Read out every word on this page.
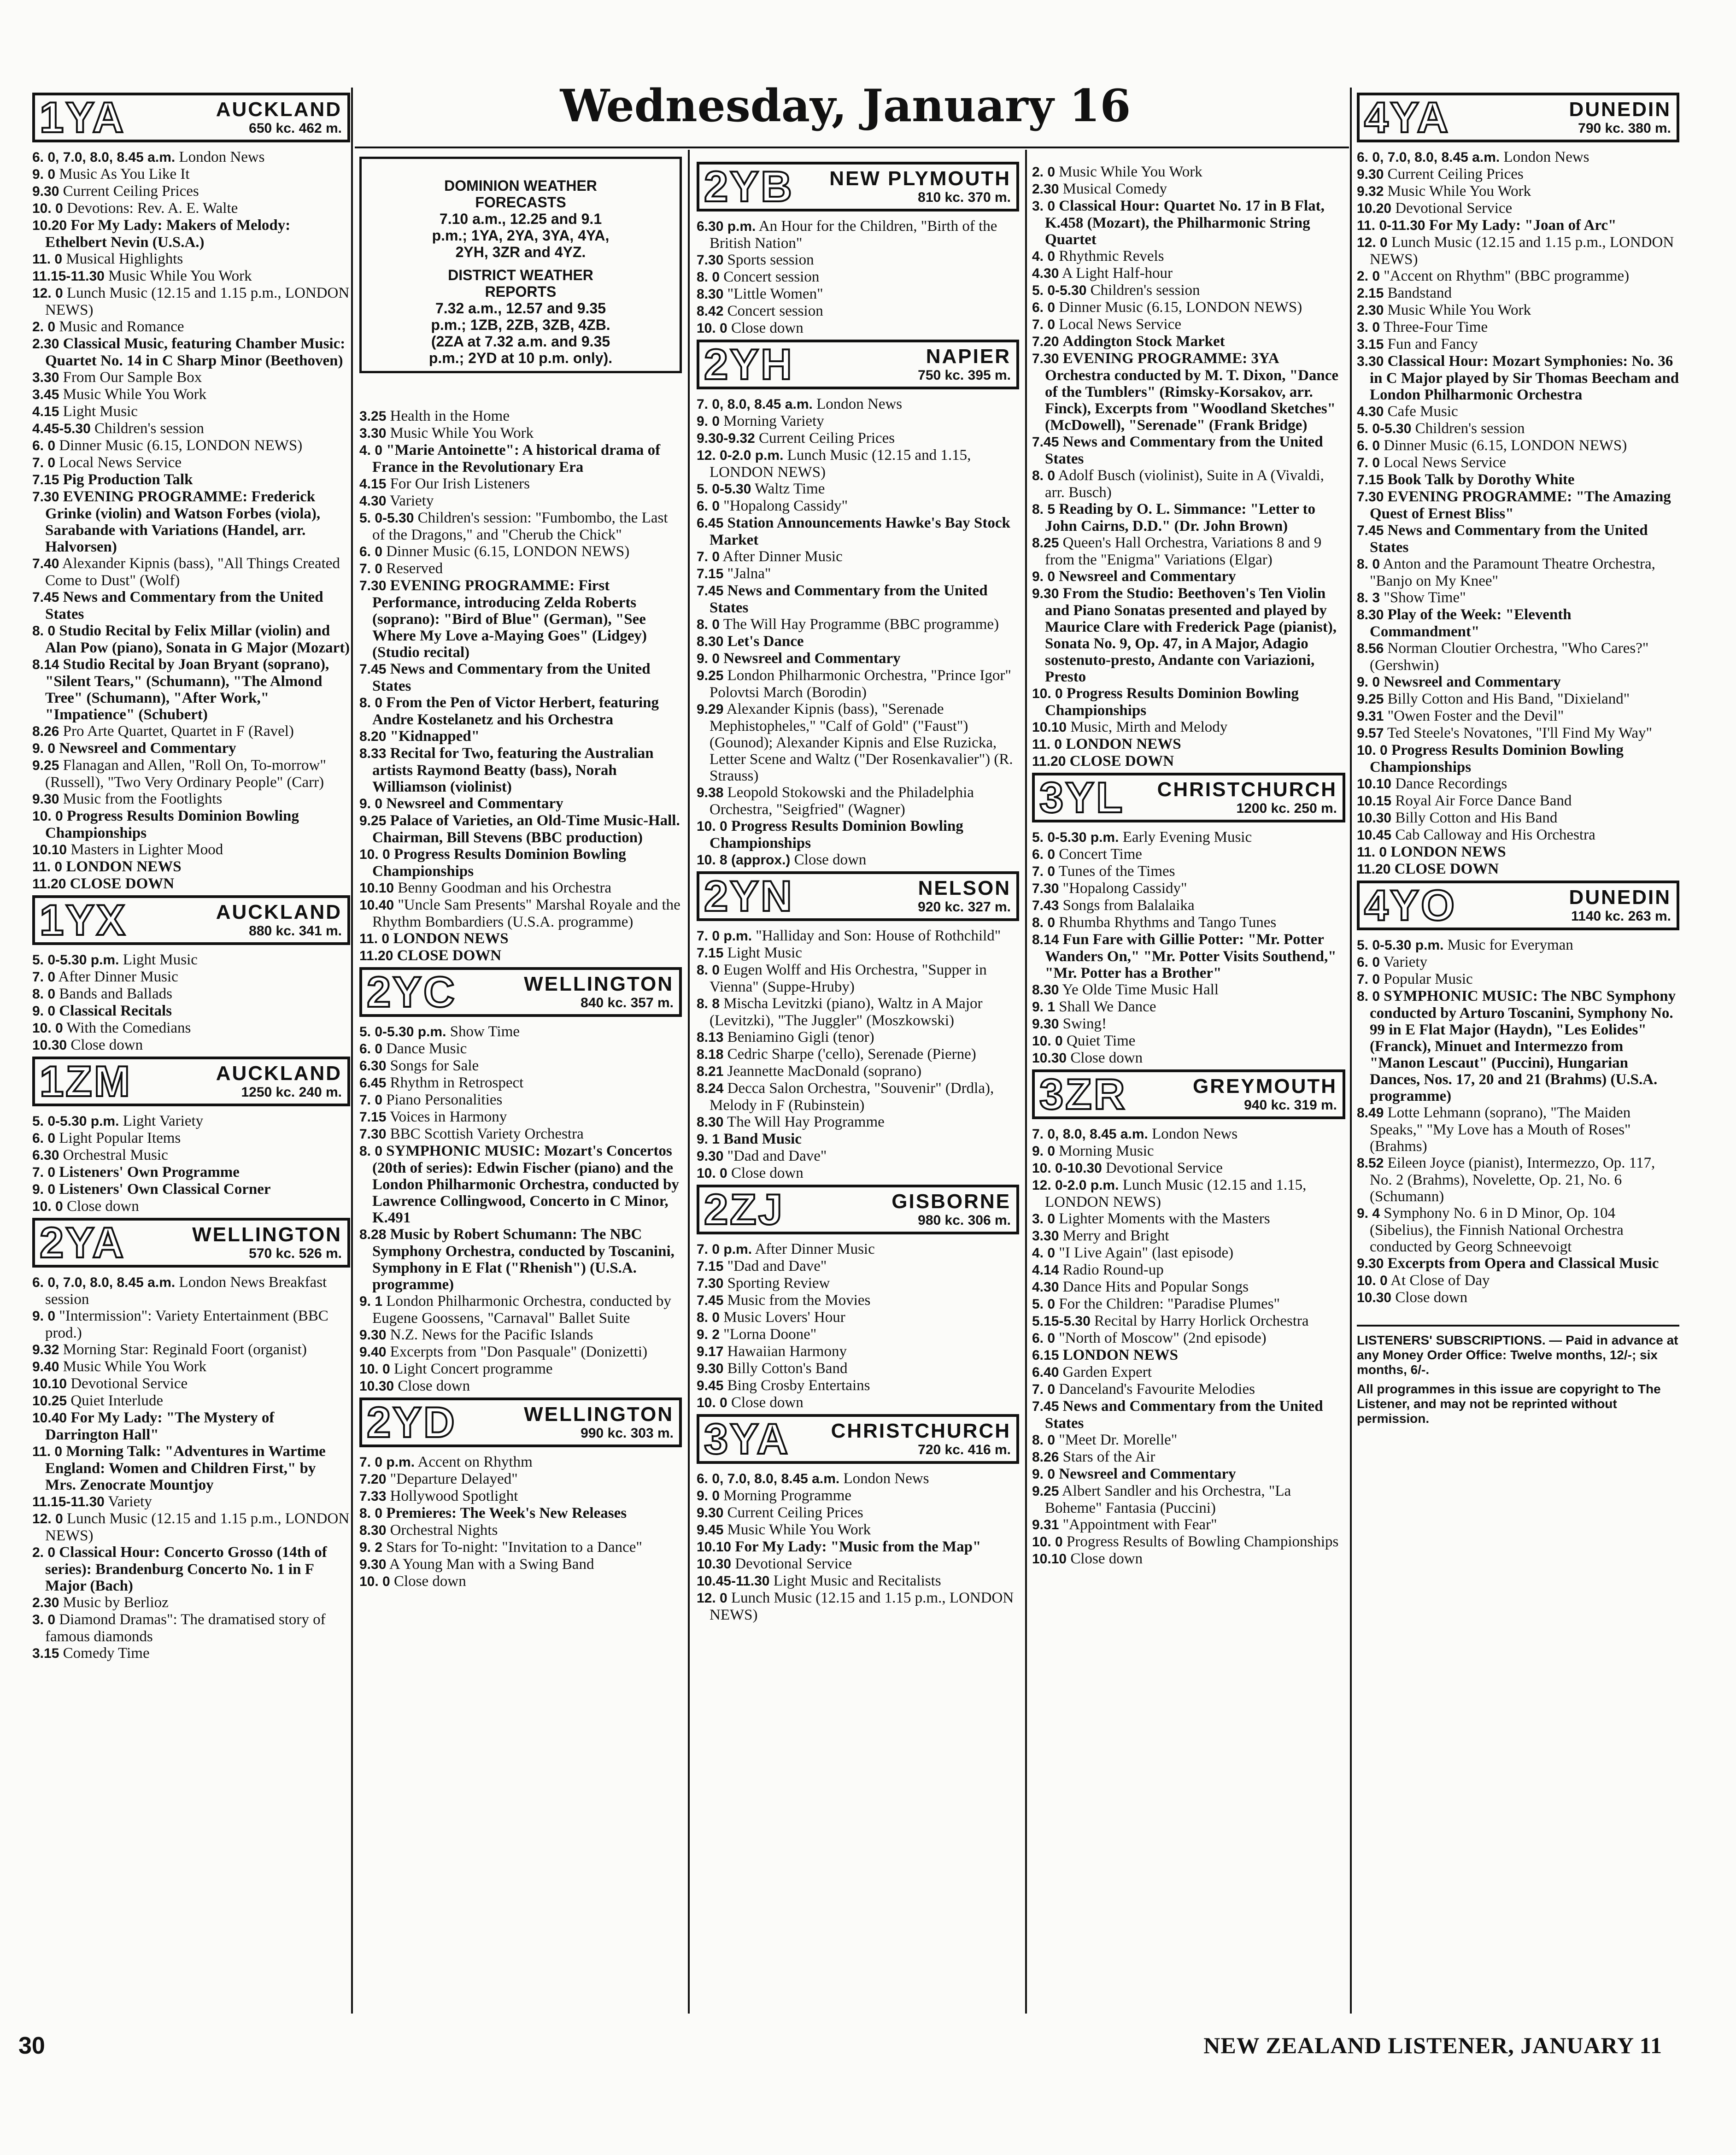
Wednesday, January 16

DOMINION WEATHER

FORECASTS

7.10 a.m., 12.25 and 9.1

p.m.; 1YA, 2YA, 3YA, 4YA,

2YH, 3ZR and 4YZ.

DISTRICT WEATHER

REPORTS

7.32 a.m., 12.57 and 9.35

p.m.; 1ZB, 2ZB, 3ZB, 4ZB.

(2ZA at 7.32 a.m. and 9.35

p.m.; 2YD at 10 p.m. only).

1YA	AUCKLAND
650 kc. 462 m.

6. 0, 7.0, 8.0, 8.45 a.m. London News

9. 0 Music As You Like It

9.30 Current Ceiling Prices

10. 0 Devotions: Rev. A. E. Walte

10.20 For My Lady: Makers of Melody: Ethelbert Nevin (U.S.A.)

11. 0 Musical Highlights

11.15-11.30 Music While You Work

12. 0 Lunch Music (12.15 and 1.15 p.m., LONDON NEWS)

2. 0 Music and Romance

2.30 Classical Music, featuring Chamber Music: Quartet No. 14 in C Sharp Minor (Beethoven)

3.30 From Our Sample Box

3.45 Music While You Work

4.15 Light Music

4.45-5.30 Children's session

6. 0 Dinner Music (6.15, LONDON NEWS)

7. 0 Local News Service

7.15 Pig Production Talk

7.30 EVENING PROGRAMME: Frederick Grinke (violin) and Watson Forbes (viola), Sarabande with Variations (Handel, arr. Halvorsen)

7.40 Alexander Kipnis (bass), "All Things Created Come to Dust" (Wolf)

7.45 News and Commentary from the United States

8. 0 Studio Recital by Felix Millar (violin) and Alan Pow (piano), Sonata in G Major (Mozart)

8.14 Studio Recital by Joan Bryant (soprano), "Silent Tears," (Schumann), "The Almond Tree" (Schumann), "After Work," "Impatience" (Schubert)

8.26 Pro Arte Quartet, Quartet in F (Ravel)

9. 0 Newsreel and Commentary

9.25 Flanagan and Allen, "Roll On, To-morrow" (Russell), "Two Very Ordinary People" (Carr)

9.30 Music from the Footlights

10. 0 Progress Results Dominion Bowling Championships

10.10 Masters in Lighter Mood

11. 0 LONDON NEWS

11.20 CLOSE DOWN

1YX	AUCKLAND
880 kc. 341 m.

5. 0-5.30 p.m. Light Music

7. 0 After Dinner Music

8. 0 Bands and Ballads

9. 0 Classical Recitals

10. 0 With the Comedians

10.30 Close down

1ZM	AUCKLAND
1250 kc. 240 m.

5. 0-5.30 p.m. Light Variety

6. 0 Light Popular Items

6.30 Orchestral Music

7. 0 Listeners' Own Programme

9. 0 Listeners' Own Classical Corner

10. 0 Close down

2YA	WELLINGTON
570 kc. 526 m.

6. 0, 7.0, 8.0, 8.45 a.m. London News Breakfast session

9. 0 "Intermission": Variety Entertainment (BBC prod.)

9.32 Morning Star: Reginald Foort (organist)

9.40 Music While You Work

10.10 Devotional Service

10.25 Quiet Interlude

10.40 For My Lady: "The Mystery of Darrington Hall"

11. 0 Morning Talk: "Adventures in Wartime England: Women and Children First," by Mrs. Zenocrate Mountjoy

11.15-11.30 Variety

12. 0 Lunch Music (12.15 and 1.15 p.m., LONDON NEWS)

2. 0 Classical Hour: Concerto Grosso (14th of series): Brandenburg Concerto No. 1 in F Major (Bach)

2.30 Music by Berlioz

3. 0 Diamond Dramas": The dramatised story of famous diamonds

3.15 Comedy Time

3.25 Health in the Home

3.30 Music While You Work

4. 0 "Marie Antoinette": A historical drama of France in the Revolutionary Era

4.15 For Our Irish Listeners

4.30 Variety

5. 0-5.30 Children's session: "Fumbombo, the Last of the Dragons," and "Cherub the Chick"

6. 0 Dinner Music (6.15, LONDON NEWS)

7. 0 Reserved

7.30 EVENING PROGRAMME: First Performance, introducing Zelda Roberts (soprano): "Bird of Blue" (German), "See Where My Love a-Maying Goes" (Lidgey) (Studio recital)

7.45 News and Commentary from the United States

8. 0 From the Pen of Victor Herbert, featuring Andre Kostelanetz and his Orchestra

8.20 "Kidnapped"

8.33 Recital for Two, featuring the Australian artists Raymond Beatty (bass), Norah Williamson (violinist)

9. 0 Newsreel and Commentary

9.25 Palace of Varieties, an Old-Time Music-Hall. Chairman, Bill Stevens (BBC production)

10. 0 Progress Results Dominion Bowling Championships

10.10 Benny Goodman and his Orchestra

10.40 "Uncle Sam Presents" Marshal Royale and the Rhythm Bombardiers (U.S.A. programme)

11. 0 LONDON NEWS

11.20 CLOSE DOWN

2YC	WELLINGTON
840 kc. 357 m.

5. 0-5.30 p.m. Show Time

6. 0 Dance Music

6.30 Songs for Sale

6.45 Rhythm in Retrospect

7. 0 Piano Personalities

7.15 Voices in Harmony

7.30 BBC Scottish Variety Orchestra

8. 0 SYMPHONIC MUSIC: Mozart's Concertos (20th of series): Edwin Fischer (piano) and the London Philharmonic Orchestra, conducted by Lawrence Collingwood, Concerto in C Minor, K.491

8.28 Music by Robert Schumann: The NBC Symphony Orchestra, conducted by Toscanini, Symphony in E Flat ("Rhenish") (U.S.A. programme)

9. 1 London Philharmonic Orchestra, conducted by Eugene Goossens, "Carnaval" Ballet Suite

9.30 N.Z. News for the Pacific Islands

9.40 Excerpts from "Don Pasquale" (Donizetti)

10. 0 Light Concert programme

10.30 Close down

2YD	WELLINGTON
990 kc. 303 m.

7. 0 p.m. Accent on Rhythm

7.20 "Departure Delayed"

7.33 Hollywood Spotlight

8. 0 Premieres: The Week's New Releases

8.30 Orchestral Nights

9. 2 Stars for To-night: "Invitation to a Dance"

9.30 A Young Man with a Swing Band

10. 0 Close down

2YB NEW PLYMOUTH
810 kc. 370 m.

6.30 p.m. An Hour for the Children, "Birth of the British Nation"

7.30 Sports session

8. 0 Concert session

8.30 "Little Women"

8.42 Concert session

10. 0 Close down

2YH	NAPIER
750 kc. 395 m.

7. 0, 8.0, 8.45 a.m. London News

9. 0 Morning Variety

9.30-9.32 Current Ceiling Prices

12. 0-2.0 p.m. Lunch Music (12.15 and 1.15, LONDON NEWS)

5. 0-5.30 Waltz Time

6. 0 "Hopalong Cassidy"

6.45 Station Announcements Hawke's Bay Stock Market

7. 0 After Dinner Music

7.15 "Jalna"

7.45 News and Commentary from the United States

8. 0 The Will Hay Programme (BBC programme)

8.30 Let's Dance

9. 0 Newsreel and Commentary

9.25 London Philharmonic Orchestra, "Prince Igor" Polovtsi March (Borodin)

9.29 Alexander Kipnis (bass), "Serenade Mephistopheles," "Calf of Gold" ("Faust") (Gounod); Alexander Kipnis and Else Ruzicka, Letter Scene and Waltz ("Der Rosenkavalier") (R. Strauss)

9.38 Leopold Stokowski and the Philadelphia Orchestra, "Seigfried" (Wagner)

10. 0 Progress Results Dominion Bowling Championships

10. 8 (approx.) Close down

2YN	NELSON
920 kc. 327 m.

7. 0 p.m. "Halliday and Son: House of Rothchild"

7.15 Light Music

8. 0 Eugen Wolff and His Orchestra, "Supper in Vienna" (Suppe-Hruby)

8. 8 Mischa Levitzki (piano), Waltz in A Major (Levitzki), "The Juggler" (Moszkowski)

8.13 Beniamino Gigli (tenor)

8.18 Cedric Sharpe ('cello), Serenade (Pierne)

8.21 Jeannette MacDonald (soprano)

8.24 Decca Salon Orchestra, "Souvenir" (Drdla), Melody in F (Rubinstein)

8.30 The Will Hay Programme

9. 1 Band Music

9.30 "Dad and Dave"

10. 0 Close down

2ZJ	GISBORNE
980 kc. 306 m.

7. 0 p.m. After Dinner Music

7.15 "Dad and Dave"

7.30 Sporting Review

7.45 Music from the Movies

8. 0 Music Lovers' Hour

9. 2 "Lorna Doone"

9.17 Hawaiian Harmony

9.30 Billy Cotton's Band

9.45 Bing Crosby Entertains

10. 0 Close down

3YA CHRISTCHURCH
720 kc. 416 m.

6. 0, 7.0, 8.0, 8.45 a.m. London News

9. 0 Morning Programme

9.30 Current Ceiling Prices

9.45 Music While You Work

10.10 For My Lady: "Music from the Map"

10.30 Devotional Service

10.45-11.30 Light Music and Recitalists

12. 0 Lunch Music (12.15 and 1.15 p.m., LONDON NEWS)

2. 0 Music While You Work

2.30 Musical Comedy

3. 0 Classical Hour: Quartet No. 17 in B Flat, K.458 (Mozart), the Philharmonic String Quartet

4. 0 Rhythmic Revels

4.30 A Light Half-hour

5. 0-5.30 Children's session

6. 0 Dinner Music (6.15, LONDON NEWS)

7. 0 Local News Service

7.20 Addington Stock Market

7.30 EVENING PROGRAMME: 3YA Orchestra conducted by M. T. Dixon, "Dance of the Tumblers" (Rimsky-Korsakov, arr. Finck), Excerpts from "Woodland Sketches" (McDowell), "Serenade" (Frank Bridge)

7.45 News and Commentary from the United States

8. 0 Adolf Busch (violinist), Suite in A (Vivaldi, arr. Busch)

8. 5 Reading by O. L. Simmance: "Letter to John Cairns, D.D." (Dr. John Brown)

8.25 Queen's Hall Orchestra, Variations 8 and 9 from the "Enigma" Variations (Elgar)

9. 0 Newsreel and Commentary

9.30 From the Studio: Beethoven's Ten Violin and Piano Sonatas presented and played by Maurice Clare with Frederick Page (pianist), Sonata No. 9, Op. 47, in A Major, Adagio sostenuto-presto, Andante con Variazioni, Presto

10. 0 Progress Results Dominion Bowling Championships

10.10 Music, Mirth and Melody

11. 0 LONDON NEWS

11.20 CLOSE DOWN

3YL CHRISTCHURCH
1200 kc. 250 m.

5. 0-5.30 p.m. Early Evening Music

6. 0 Concert Time

7. 0 Tunes of the Times

7.30 "Hopalong Cassidy"

7.43 Songs from Balalaika

8. 0 Rhumba Rhythms and Tango Tunes

8.14 Fun Fare with Gillie Potter: "Mr. Potter Wanders On," "Mr. Potter Visits Southend," "Mr. Potter has a Brother"

8.30 Ye Olde Time Music Hall

9. 1 Shall We Dance

9.30 Swing!

10. 0 Quiet Time

10.30 Close down

3ZR	GREYMOUTH
940 kc. 319 m.

7. 0, 8.0, 8.45 a.m. London News

9. 0 Morning Music

10. 0-10.30 Devotional Service

12. 0-2.0 p.m. Lunch Music (12.15 and 1.15, LONDON NEWS)

3. 0 Lighter Moments with the Masters

3.30 Merry and Bright

4. 0 "I Live Again" (last episode)

4.14 Radio Round-up

4.30 Dance Hits and Popular Songs

5. 0 For the Children: "Paradise Plumes"

5.15-5.30 Recital by Harry Horlick Orchestra

6. 0 "North of Moscow" (2nd episode)

6.15 LONDON NEWS

6.40 Garden Expert

7. 0 Danceland's Favourite Melodies

7.45 News and Commentary from the United States

8. 0 "Meet Dr. Morelle"

8.26 Stars of the Air

9. 0 Newsreel and Commentary

9.25 Albert Sandler and his Orchestra, "La Boheme" Fantasia (Puccini)

9.31 "Appointment with Fear"

10. 0 Progress Results of Bowling Championships

10.10 Close down

4YA	DUNEDIN
790 kc. 380 m.

6. 0, 7.0, 8.0, 8.45 a.m. London News

9.30 Current Ceiling Prices

9.32 Music While You Work

10.20 Devotional Service

11. 0-11.30 For My Lady: "Joan of Arc"

12. 0 Lunch Music (12.15 and 1.15 p.m., LONDON NEWS)

2. 0 "Accent on Rhythm" (BBC programme)

2.15 Bandstand

2.30 Music While You Work

3. 0 Three-Four Time

3.15 Fun and Fancy

3.30 Classical Hour: Mozart Symphonies: No. 36 in C Major played by Sir Thomas Beecham and London Philharmonic Orchestra

4.30 Cafe Music

5. 0-5.30 Children's session

6. 0 Dinner Music (6.15, LONDON NEWS)

7. 0 Local News Service

7.15 Book Talk by Dorothy White

7.30 EVENING PROGRAMME: "The Amazing Quest of Ernest Bliss"

7.45 News and Commentary from the United States

8. 0 Anton and the Paramount Theatre Orchestra, "Banjo on My Knee"

8. 3 "Show Time"

8.30 Play of the Week: "Eleventh Commandment"

8.56 Norman Cloutier Orchestra, "Who Cares?" (Gershwin)

9. 0 Newsreel and Commentary

9.25 Billy Cotton and His Band, "Dixieland"

9.31 "Owen Foster and the Devil"

9.57 Ted Steele's Novatones, "I'll Find My Way"

10. 0 Progress Results Dominion Bowling Championships

10.10 Dance Recordings

10.15 Royal Air Force Dance Band

10.30 Billy Cotton and His Band

10.45 Cab Calloway and His Orchestra

11. 0 LONDON NEWS

11.20 CLOSE DOWN

4YO	DUNEDIN
1140 kc. 263 m.

5. 0-5.30 p.m. Music for Everyman

6. 0 Variety

7. 0 Popular Music

8. 0 SYMPHONIC MUSIC: The NBC Symphony conducted by Arturo Toscanini, Symphony No. 99 in E Flat Major (Haydn), "Les Eolides" (Franck), Minuet and Intermezzo from "Manon Lescaut" (Puccini), Hungarian Dances, Nos. 17, 20 and 21 (Brahms) (U.S.A. programme)

8.49 Lotte Lehmann (soprano), "The Maiden Speaks," "My Love has a Mouth of Roses" (Brahms)

8.52 Eileen Joyce (pianist), Intermezzo, Op. 117, No. 2 (Brahms), Novelette, Op. 21, No. 6 (Schumann)

9. 4 Symphony No. 6 in D Minor, Op. 104 (Sibelius), the Finnish National Orchestra conducted by Georg Schneevoigt

9.30 Excerpts from Opera and Classical Music

10. 0 At Close of Day

10.30 Close down

LISTENERS' SUBSCRIPTIONS. — Paid in advance at any Money Order Office: Twelve months, 12/-; six months, 6/-.

All programmes in this issue are copyright to The Listener, and may not be reprinted without permission.

30	NEW ZEALAND LISTENER, JANUARY 11
